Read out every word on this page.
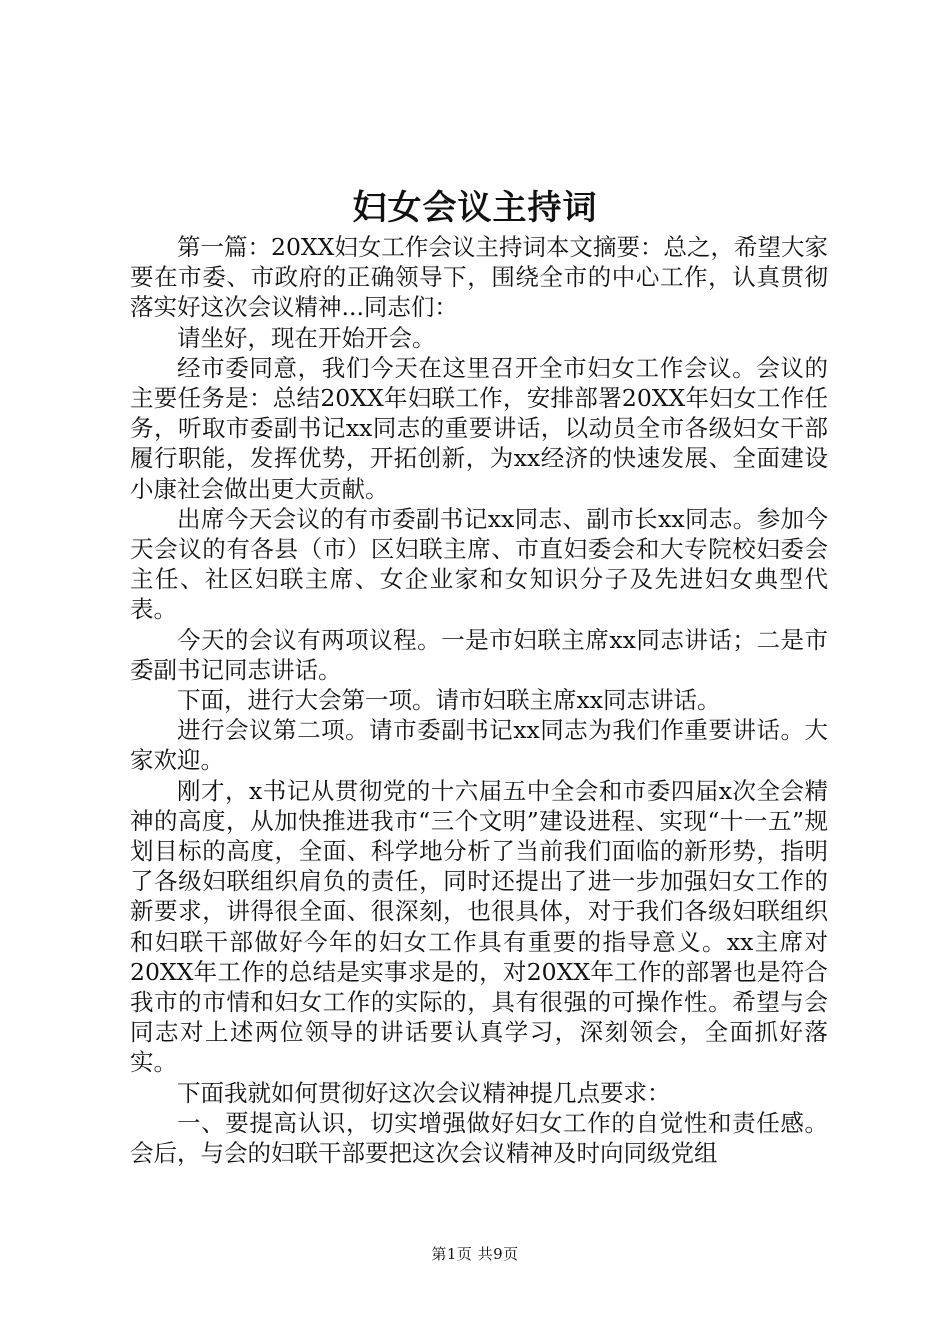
妇女会议主持词

第一篇：20XX妇女工作会议主持词本文摘要：总之，希望大家要在市委、市政府的正确领导下，围绕全市的中心工作，认真贯彻落实好这次会议精神...同志们：

请坐好，现在开始开会。

经市委同意，我们今天在这里召开全市妇女工作会议。会议的主要任务是：总结20XX年妇联工作，安排部署20XX年妇女工作任务，听取市委副书记xx同志的重要讲话，以动员全市各级妇女干部履行职能，发挥优势，开拓创新，为xx经济的快速发展、全面建设小康社会做出更大贡献。

出席今天会议的有市委副书记xx同志、副市长xx同志。参加今天会议的有各县（市）区妇联主席、市直妇委会和大专院校妇委会主任、社区妇联主席、女企业家和女知识分子及先进妇女典型代表。

今天的会议有两项议程。一是市妇联主席xx同志讲话；二是市委副书记同志讲话。

下面，进行大会第一项。请市妇联主席xx同志讲话。

进行会议第二项。请市委副书记xx同志为我们作重要讲话。大家欢迎。

刚才，x书记从贯彻党的十六届五中全会和市委四届x次全会精神的高度，从加快推进我市“三个文明”建设进程、实现“十一五”规划目标的高度，全面、科学地分析了当前我们面临的新形势，指明了各级妇联组织肩负的责任，同时还提出了进一步加强妇女工作的新要求，讲得很全面、很深刻，也很具体，对于我们各级妇联组织和妇联干部做好今年的妇女工作具有重要的指导意义。xx主席对20XX年工作的总结是实事求是的，对20XX年工作的部署也是符合我市的市情和妇女工作的实际的，具有很强的可操作性。希望与会同志对上述两位领导的讲话要认真学习，深刻领会，全面抓好落实。

下面我就如何贯彻好这次会议精神提几点要求：

一、要提高认识，切实增强做好妇女工作的自觉性和责任感。会后，与会的妇联干部要把这次会议精神及时向同级党组

第1页 共9页
